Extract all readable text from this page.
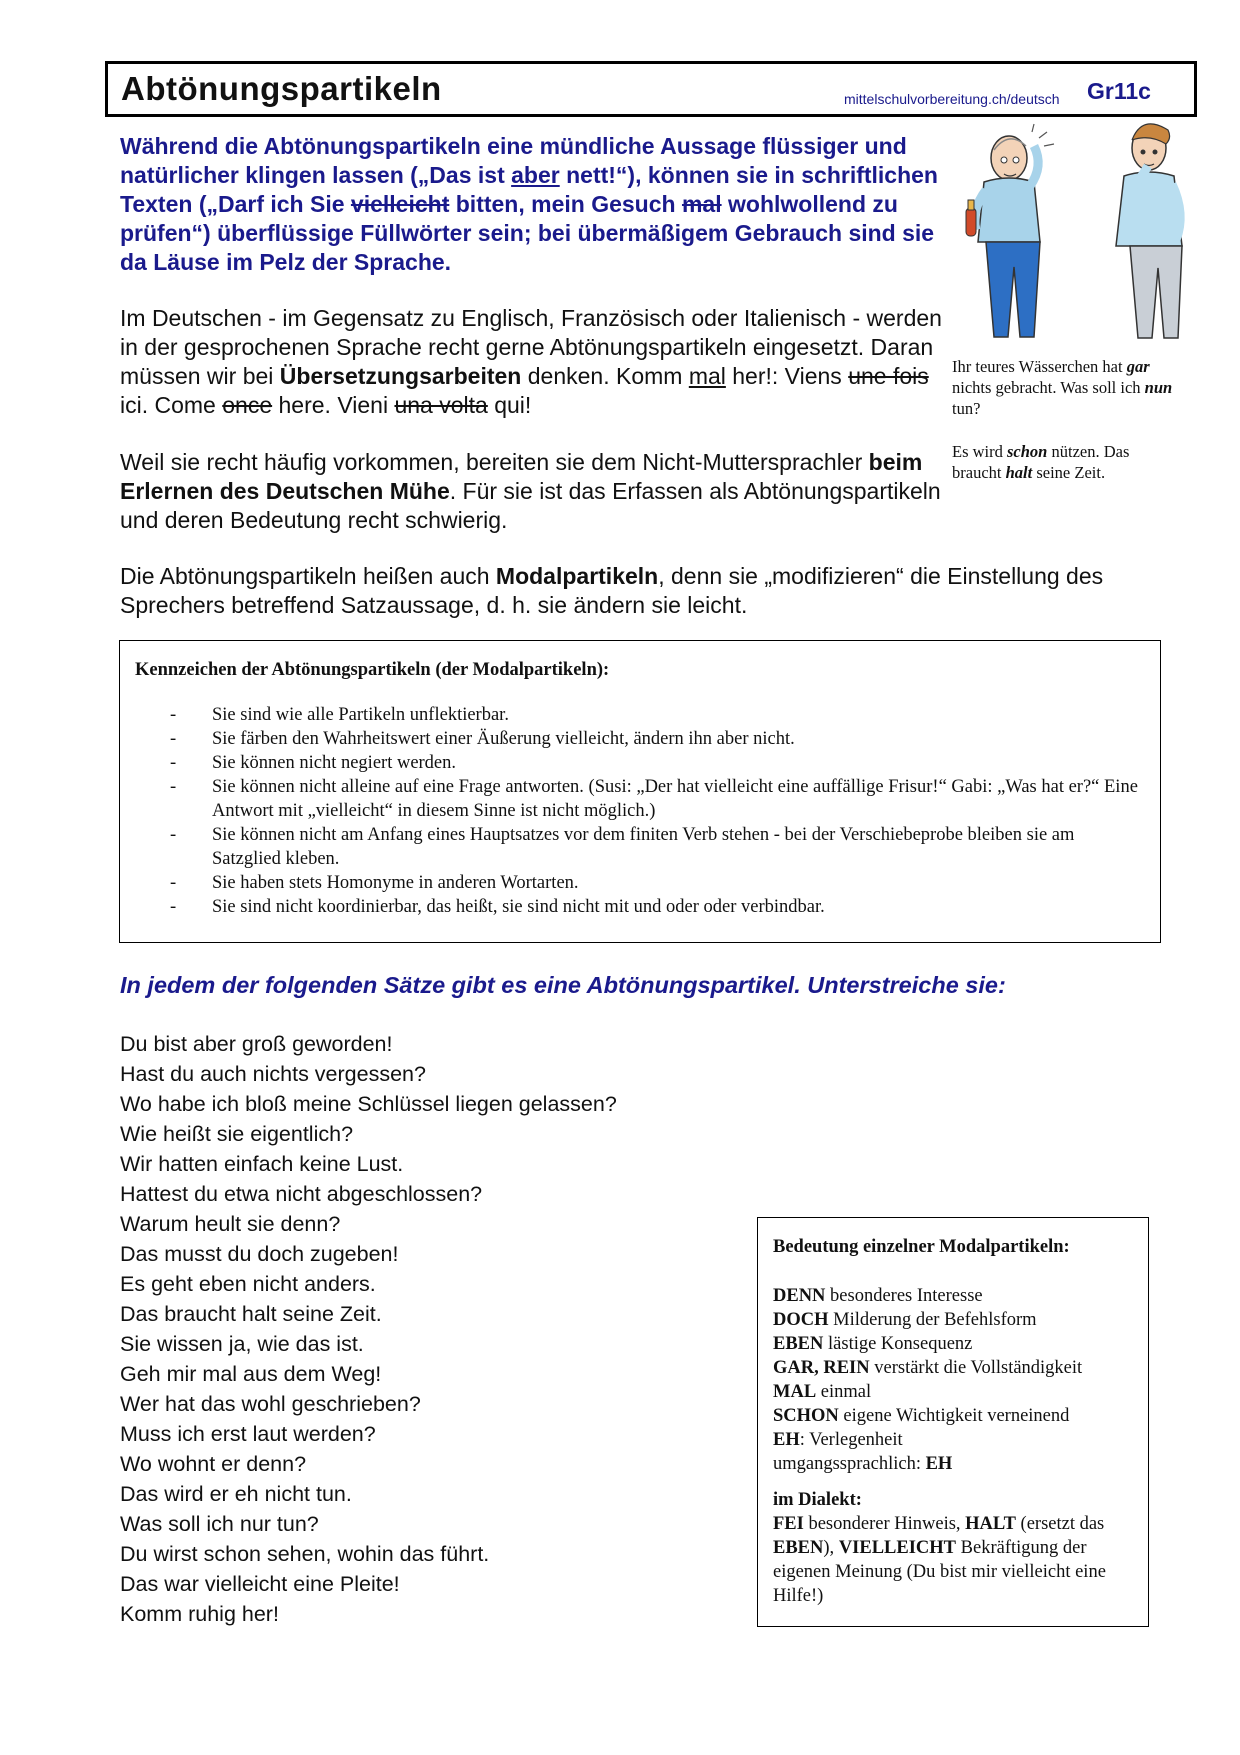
Abtönungspartikeln	mittelschulvorbereitung.ch/deutsch Gr11c
Während die Abtönungspartikeln eine mündliche Aussage flüssiger und natürlicher klingen lassen („Das ist aber nett!“), können sie in schriftlichen Texten („Darf ich Sie vielleicht bitten, mein Gesuch mal wohlwollend zu prüfen“) überflüssige Füllwörter sein; bei übermäßigem Gebrauch sind sie da Läuse im Pelz der Sprache.
Im Deutschen - im Gegensatz zu Englisch, Französisch oder Italienisch - werden in der gesprochenen Sprache recht gerne Abtönungspartikeln eingesetzt. Daran müssen wir bei Übersetzungsarbeiten denken. Komm mal her!: Viens une fois ici. Come once here. Vieni una volta qui!
Weil sie recht häufig vorkommen, bereiten sie dem Nicht-Muttersprachler beim Erlernen des Deutschen Mühe. Für sie ist das Erfassen als Abtönungspartikeln und deren Bedeutung recht schwierig.
Die Abtönungspartikeln heißen auch Modalpartikeln, denn sie „modifizieren“ die Einstellung des Sprechers betreffend Satzaussage, d. h. sie ändern sie leicht.
Ihr teures Wässerchen hat gar nichts gebracht. Was soll ich nun tun?
Es wird schon nützen. Das braucht halt seine Zeit.
Kennzeichen der Abtönungspartikeln (der Modalpartikeln):
- Sie sind wie alle Partikeln unflektierbar.
- Sie färben den Wahrheitswert einer Äußerung vielleicht, ändern ihn aber nicht.
- Sie können nicht negiert werden.
- Sie können nicht alleine auf eine Frage antworten. (Susi: „Der hat vielleicht eine auffällige Frisur!“ Gabi: „Was hat er?“ Eine Antwort mit „vielleicht“ in diesem Sinne ist nicht möglich.)
- Sie können nicht am Anfang eines Hauptsatzes vor dem finiten Verb stehen - bei der Verschiebeprobe bleiben sie am Satzglied kleben.
- Sie haben stets Homonyme in anderen Wortarten.
- Sie sind nicht koordinierbar, das heißt, sie sind nicht mit und oder oder verbindbar.
In jedem der folgenden Sätze gibt es eine Abtönungspartikel. Unterstreiche sie:
Du bist aber groß geworden!
Hast du auch nichts vergessen?
Wo habe ich bloß meine Schlüssel liegen gelassen?
Wie heißt sie eigentlich?
Wir hatten einfach keine Lust.
Hattest du etwa nicht abgeschlossen?
Warum heult sie denn?
Das musst du doch zugeben!
Es geht eben nicht anders.
Das braucht halt seine Zeit.
Sie wissen ja, wie das ist.
Geh mir mal aus dem Weg!
Wer hat das wohl geschrieben?
Muss ich erst laut werden?
Wo wohnt er denn?
Das wird er eh nicht tun.
Was soll ich nur tun?
Du wirst schon sehen, wohin das führt.
Das war vielleicht eine Pleite!
Komm ruhig her!
Bedeutung einzelner Modalpartikeln:
DENN besonderes Interesse
DOCH Milderung der Befehlsform
EBEN lästige Konsequenz
GAR, REIN verstärkt die Vollständigkeit
MAL einmal
SCHON eigene Wichtigkeit verneinend
EH: Verlegenheit
umgangssprachlich: EH
im Dialekt:
FEI besonderer Hinweis, HALT (ersetzt das EBEN), VIELLEICHT Bekräftigung der eigenen Meinung (Du bist mir vielleicht eine Hilfe!)
